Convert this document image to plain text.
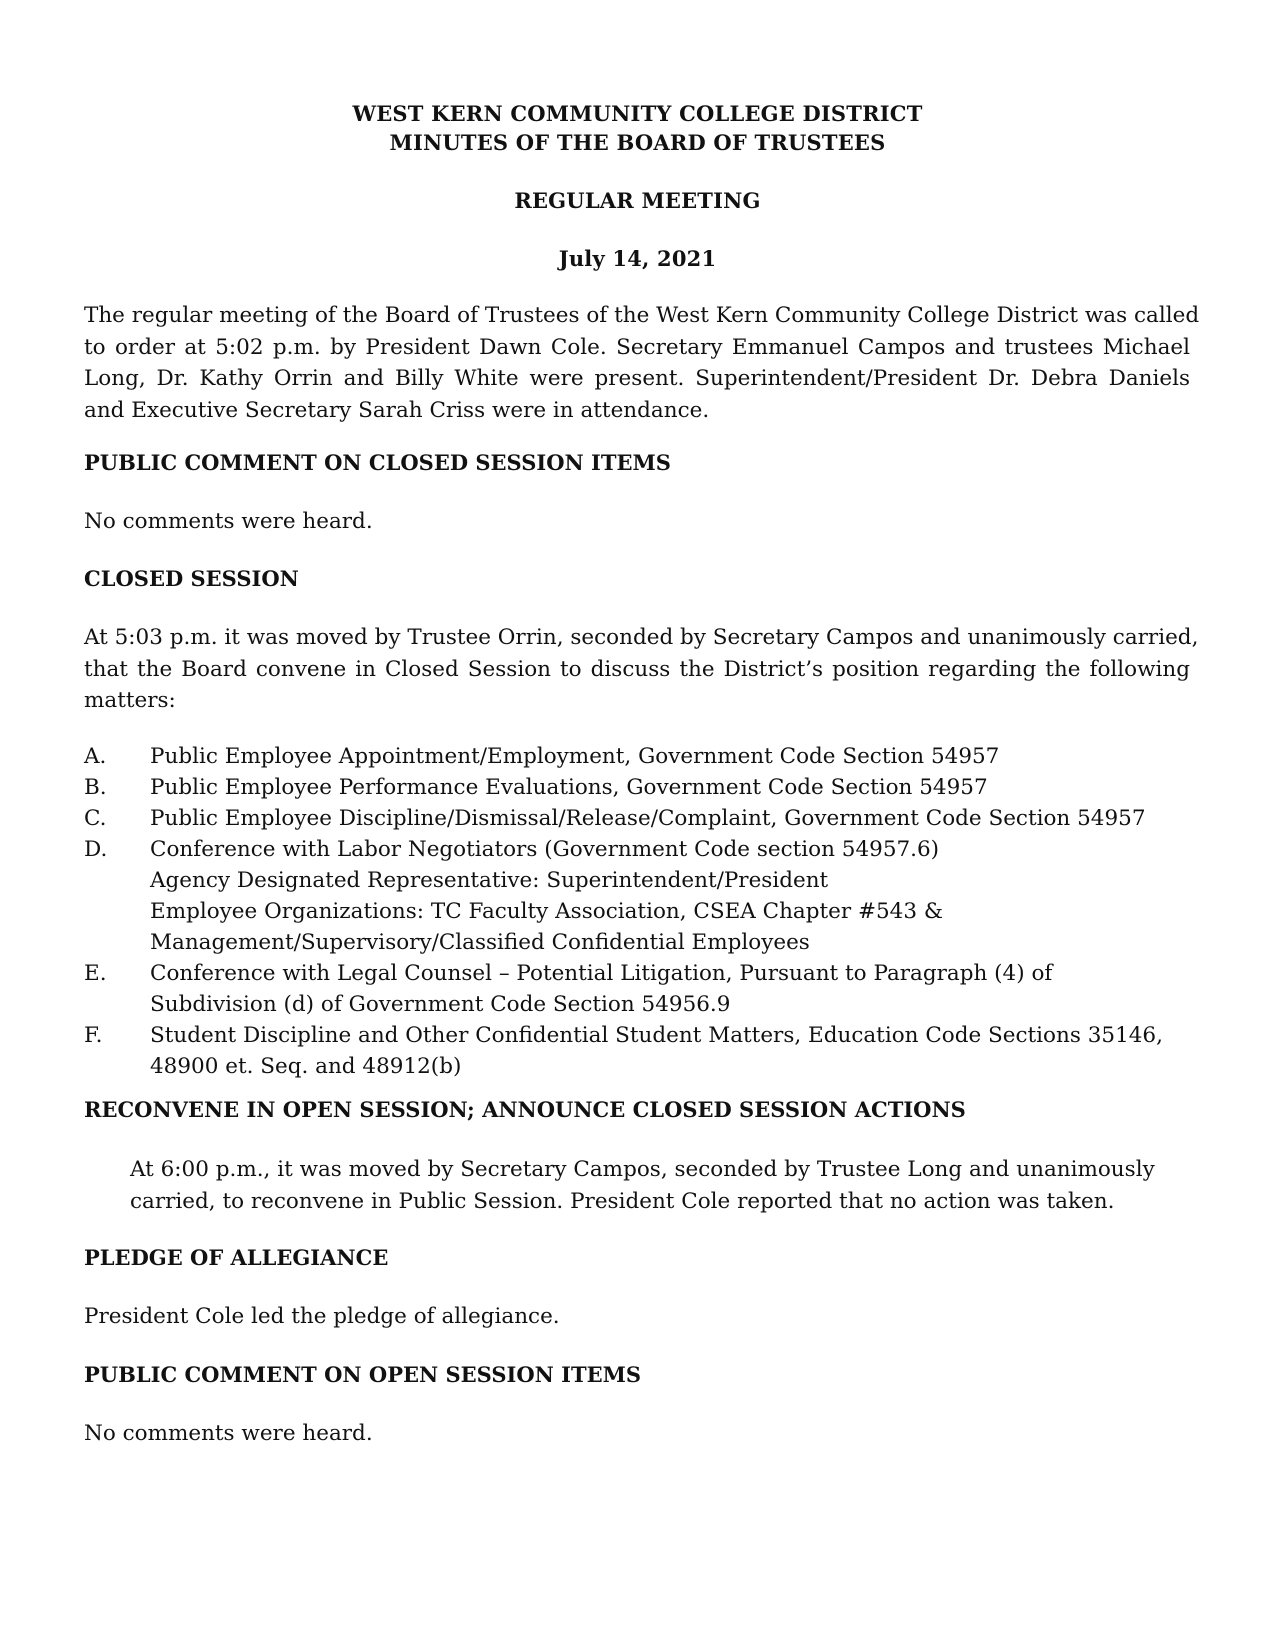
WEST KERN COMMUNITY COLLEGE DISTRICT
MINUTES OF THE BOARD OF TRUSTEES
REGULAR MEETING
July 14, 2021
The regular meeting of the Board of Trustees of the West Kern Community College District was called
to order at 5:02 p.m. by President Dawn Cole. Secretary Emmanuel Campos and trustees Michael
Long, Dr. Kathy Orrin and Billy White were present. Superintendent/President Dr. Debra Daniels
and Executive Secretary Sarah Criss were in attendance.
PUBLIC COMMENT ON CLOSED SESSION ITEMS
No comments were heard.
CLOSED SESSION
At 5:03 p.m. it was moved by Trustee Orrin, seconded by Secretary Campos and unanimously carried,
that the Board convene in Closed Session to discuss the District’s position regarding the following
matters:
A. Public Employee Appointment/Employment, Government Code Section 54957
B. Public Employee Performance Evaluations, Government Code Section 54957
C. Public Employee Discipline/Dismissal/Release/Complaint, Government Code Section 54957
D. Conference with Labor Negotiators (Government Code section 54957.6)
Agency Designated Representative: Superintendent/President
Employee Organizations: TC Faculty Association, CSEA Chapter #543 &
Management/Supervisory/Classified Confidential Employees
E. Conference with Legal Counsel – Potential Litigation, Pursuant to Paragraph (4) of
Subdivision (d) of Government Code Section 54956.9
F. Student Discipline and Other Confidential Student Matters, Education Code Sections 35146,
48900 et. Seq. and 48912(b)
RECONVENE IN OPEN SESSION; ANNOUNCE CLOSED SESSION ACTIONS
At 6:00 p.m., it was moved by Secretary Campos, seconded by Trustee Long and unanimously
carried, to reconvene in Public Session. President Cole reported that no action was taken.
PLEDGE OF ALLEGIANCE
President Cole led the pledge of allegiance.
PUBLIC COMMENT ON OPEN SESSION ITEMS
No comments were heard.
